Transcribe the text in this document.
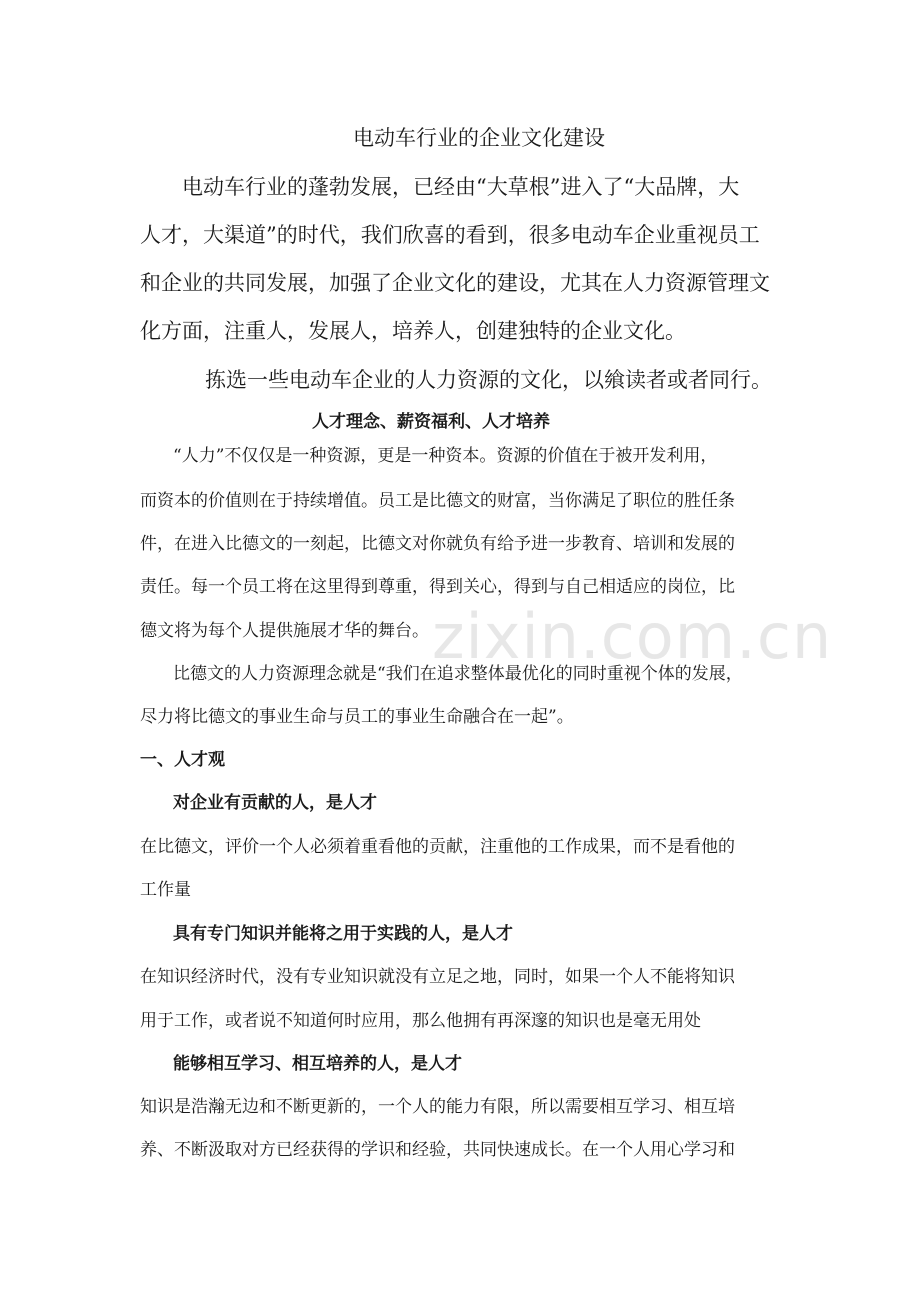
电动车行业的企业文化建设
电动车行业的蓬勃发展，已经由“大草根”进入了“大品牌，大
人才，大渠道”的时代，我们欣喜的看到，很多电动车企业重视员工
和企业的共同发展，加强了企业文化的建设，尤其在人力资源管理文
化方面，注重人，发展人，培养人，创建独特的企业文化。
拣选一些电动车企业的人力资源的文化，以飨读者或者同行。
人才理念、薪资福利、人才培养
“人力”不仅仅是一种资源，更是一种资本。资源的价值在于被开发利用，
而资本的价值则在于持续增值。员工是比德文的财富，当你满足了职位的胜任条
件，在进入比德文的一刻起，比德文对你就负有给予进一步教育、培训和发展的
责任。每一个员工将在这里得到尊重，得到关心，得到与自己相适应的岗位，比
德文将为每个人提供施展才华的舞台。
比德文的人力资源理念就是“我们在追求整体最优化的同时重视个体的发展，
尽力将比德文的事业生命与员工的事业生命融合在一起”。
一、人才观
对企业有贡献的人，是人才
在比德文，评价一个人必须着重看他的贡献，注重他的工作成果，而不是看他的
工作量
具有专门知识并能将之用于实践的人，是人才
在知识经济时代，没有专业知识就没有立足之地，同时，如果一个人不能将知识
用于工作，或者说不知道何时应用，那么他拥有再深邃的知识也是毫无用处
能够相互学习、相互培养的人，是人才
知识是浩瀚无边和不断更新的，一个人的能力有限，所以需要相互学习、相互培
养、不断汲取对方已经获得的学识和经验，共同快速成长。在一个人用心学习和
zixin.com.cn
